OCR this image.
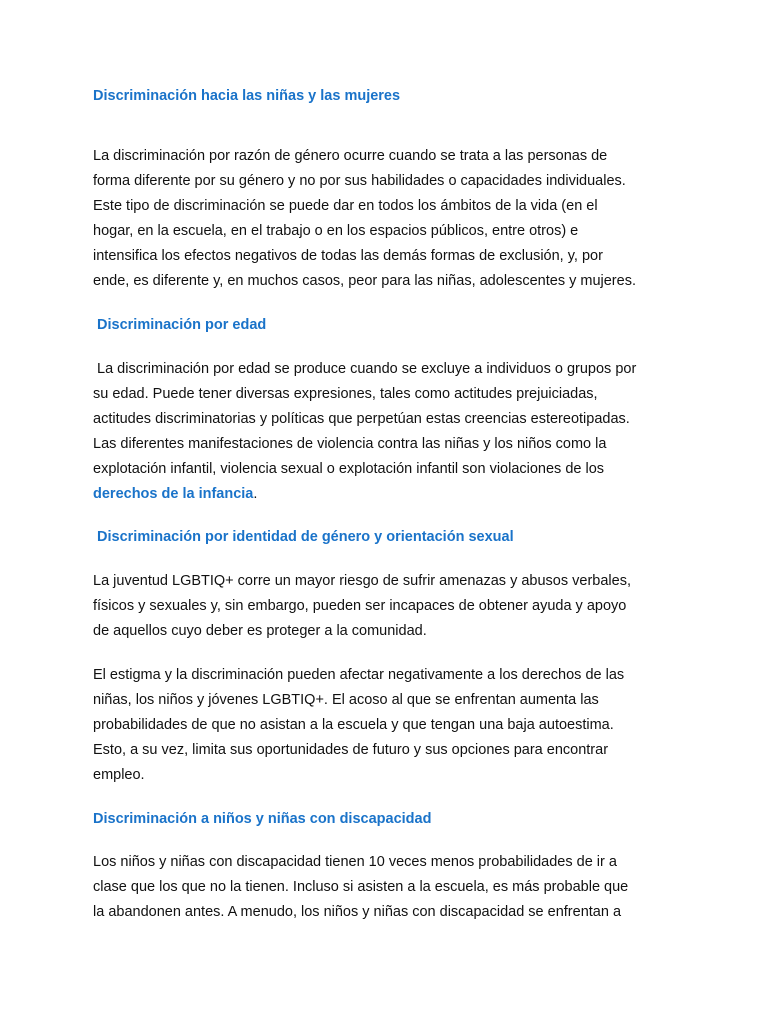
Discriminación hacia las niñas y las mujeres
La discriminación por razón de género ocurre cuando se trata a las personas de
forma diferente por su género y no por sus habilidades o capacidades individuales.
Este tipo de discriminación se puede dar en todos los ámbitos de la vida (en el
hogar, en la escuela, en el trabajo o en los espacios públicos, entre otros) e
intensifica los efectos negativos de todas las demás formas de exclusión, y, por
ende, es diferente y, en muchos casos, peor para las niñas, adolescentes y mujeres.
Discriminación por edad
La discriminación por edad se produce cuando se excluye a individuos o grupos por
su edad. Puede tener diversas expresiones, tales como actitudes prejuiciadas,
actitudes discriminatorias y políticas que perpetúan estas creencias estereotipadas.
Las diferentes manifestaciones de violencia contra las niñas y los niños como la
explotación infantil, violencia sexual o explotación infantil son violaciones de los
derechos de la infancia.
Discriminación por identidad de género y orientación sexual
La juventud LGBTIQ+ corre un mayor riesgo de sufrir amenazas y abusos verbales,
físicos y sexuales y, sin embargo, pueden ser incapaces de obtener ayuda y apoyo
de aquellos cuyo deber es proteger a la comunidad.
El estigma y la discriminación pueden afectar negativamente a los derechos de las
niñas, los niños y jóvenes LGBTIQ+. El acoso al que se enfrentan aumenta las
probabilidades de que no asistan a la escuela y que tengan una baja autoestima.
Esto, a su vez, limita sus oportunidades de futuro y sus opciones para encontrar
empleo.
Discriminación a niños y niñas con discapacidad
Los niños y niñas con discapacidad tienen 10 veces menos probabilidades de ir a
clase que los que no la tienen. Incluso si asisten a la escuela, es más probable que
la abandonen antes. A menudo, los niños y niñas con discapacidad se enfrentan a
